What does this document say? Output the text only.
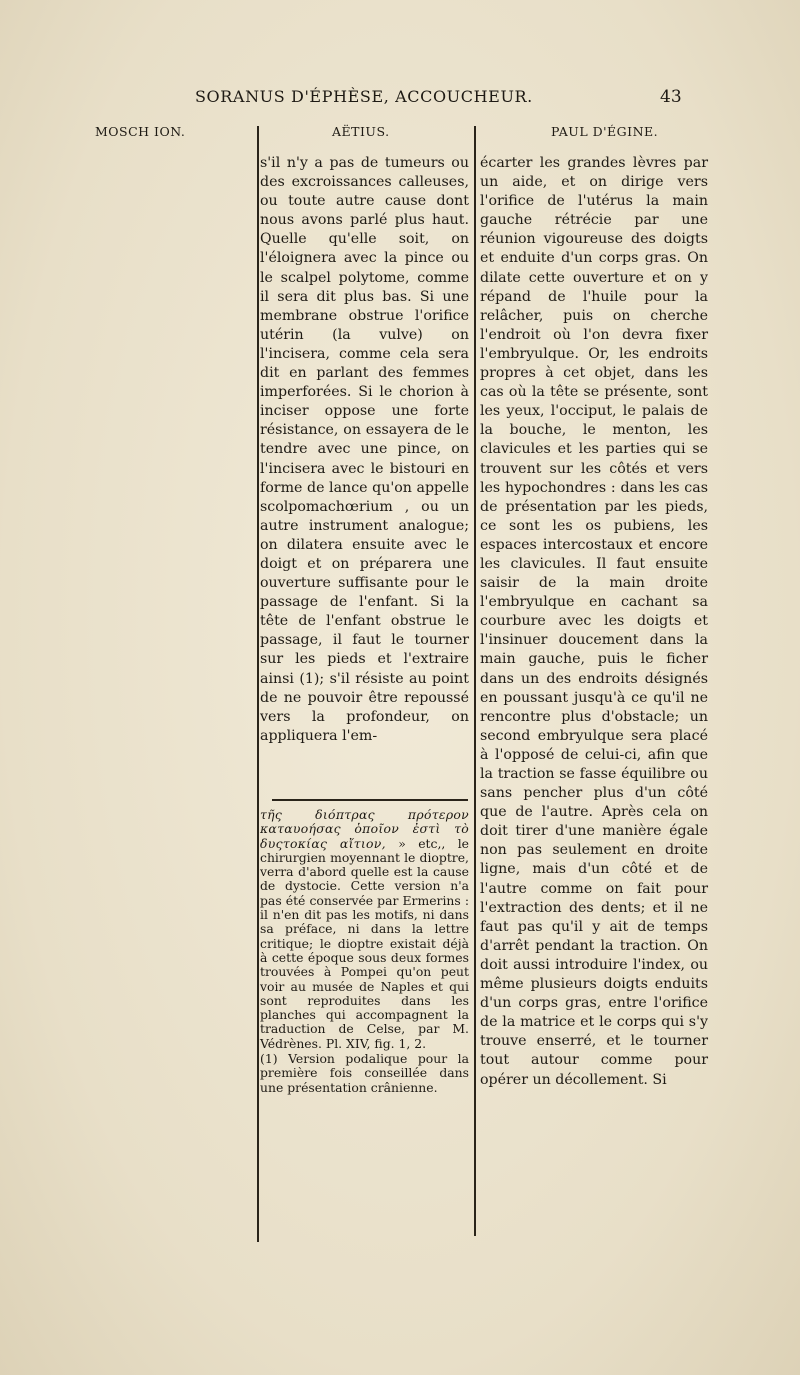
SORANUS D'ÉPHÈSE, ACCOUCHEUR.	43
MOSCH ION.	AËTIUS.	PAUL D'ÉGINE.

s'il n'y a pas de tumeurs ou des excroissances calleuses, ou toute autre cause dont nous avons parlé plus haut. Quelle qu'elle soit, on l'éloignera avec la pince ou le scalpel polytome, comme il sera dit plus bas. Si une membrane obstrue l'orifice utérin (la vulve) on l'incisera, comme cela sera dit en parlant des femmes imperforées. Si le chorion à inciser oppose une forte résistance, on essayera de le tendre avec une pince, on l'incisera avec le bistouri en forme de lance qu'on appelle scolpomachœrium , ou un autre instrument analogue; on dilatera ensuite avec le doigt et on préparera une ouverture suffisante pour le passage de l'enfant. Si la tête de l'enfant obstrue le passage, il faut le tourner sur les pieds et l'extraire ainsi (1); s'il résiste au point de ne pouvoir être repoussé vers la profondeur, on appliquera l'em-

τῆς διόπτρας πρότερον καταυοήσας ὁποῖον ἐστὶ τὸ δυςτοκίας αἴτιον, » etc,, le chirurgien moyennant le dioptre, verra d'abord quelle est la cause de dystocie. Cette version n'a pas été conservée par Ermerins : il n'en dit pas les motifs, ni dans sa préface, ni dans la lettre critique; le dioptre existait déjà à cette époque sous deux formes trouvées à Pompei qu'on peut voir au musée de Naples et qui sont reproduites dans les planches qui accompagnent la traduction de Celse, par M. Védrènes. Pl. XIV, fig. 1, 2.

(1) Version podalique pour la première fois conseillée dans une présentation crânienne.

écarter les grandes lèvres par un aide, et on dirige vers l'orifice de l'utérus la main gauche rétrécie par une réunion vigoureuse des doigts et enduite d'un corps gras. On dilate cette ouverture et on y répand de l'huile pour la relâcher, puis on cherche l'endroit où l'on devra fixer l'embryulque. Or, les endroits propres à cet objet, dans les cas où la tête se présente, sont les yeux, l'occiput, le palais de la bouche, le menton, les clavicules et les parties qui se trouvent sur les côtés et vers les hypochondres : dans les cas de présentation par les pieds, ce sont les os pubiens, les espaces intercostaux et encore les clavicules. Il faut ensuite saisir de la main droite l'embryulque en cachant sa courbure avec les doigts et l'insinuer doucement dans la main gauche, puis le ficher dans un des endroits désignés en poussant jusqu'à ce qu'il ne rencontre plus d'obstacle; un second embryulque sera placé à l'opposé de celui-ci, afin que la traction se fasse équilibre ou sans pencher plus d'un côté que de l'autre. Après cela on doit tirer d'une manière égale non pas seulement en droite ligne, mais d'un côté et de l'autre comme on fait pour l'extraction des dents; et il ne faut pas qu'il y ait de temps d'arrêt pendant la traction. On doit aussi introduire l'index, ou même plusieurs doigts enduits d'un corps gras, entre l'orifice de la matrice et le corps qui s'y trouve enserré, et le tourner tout autour comme pour opérer un décollement. Si
